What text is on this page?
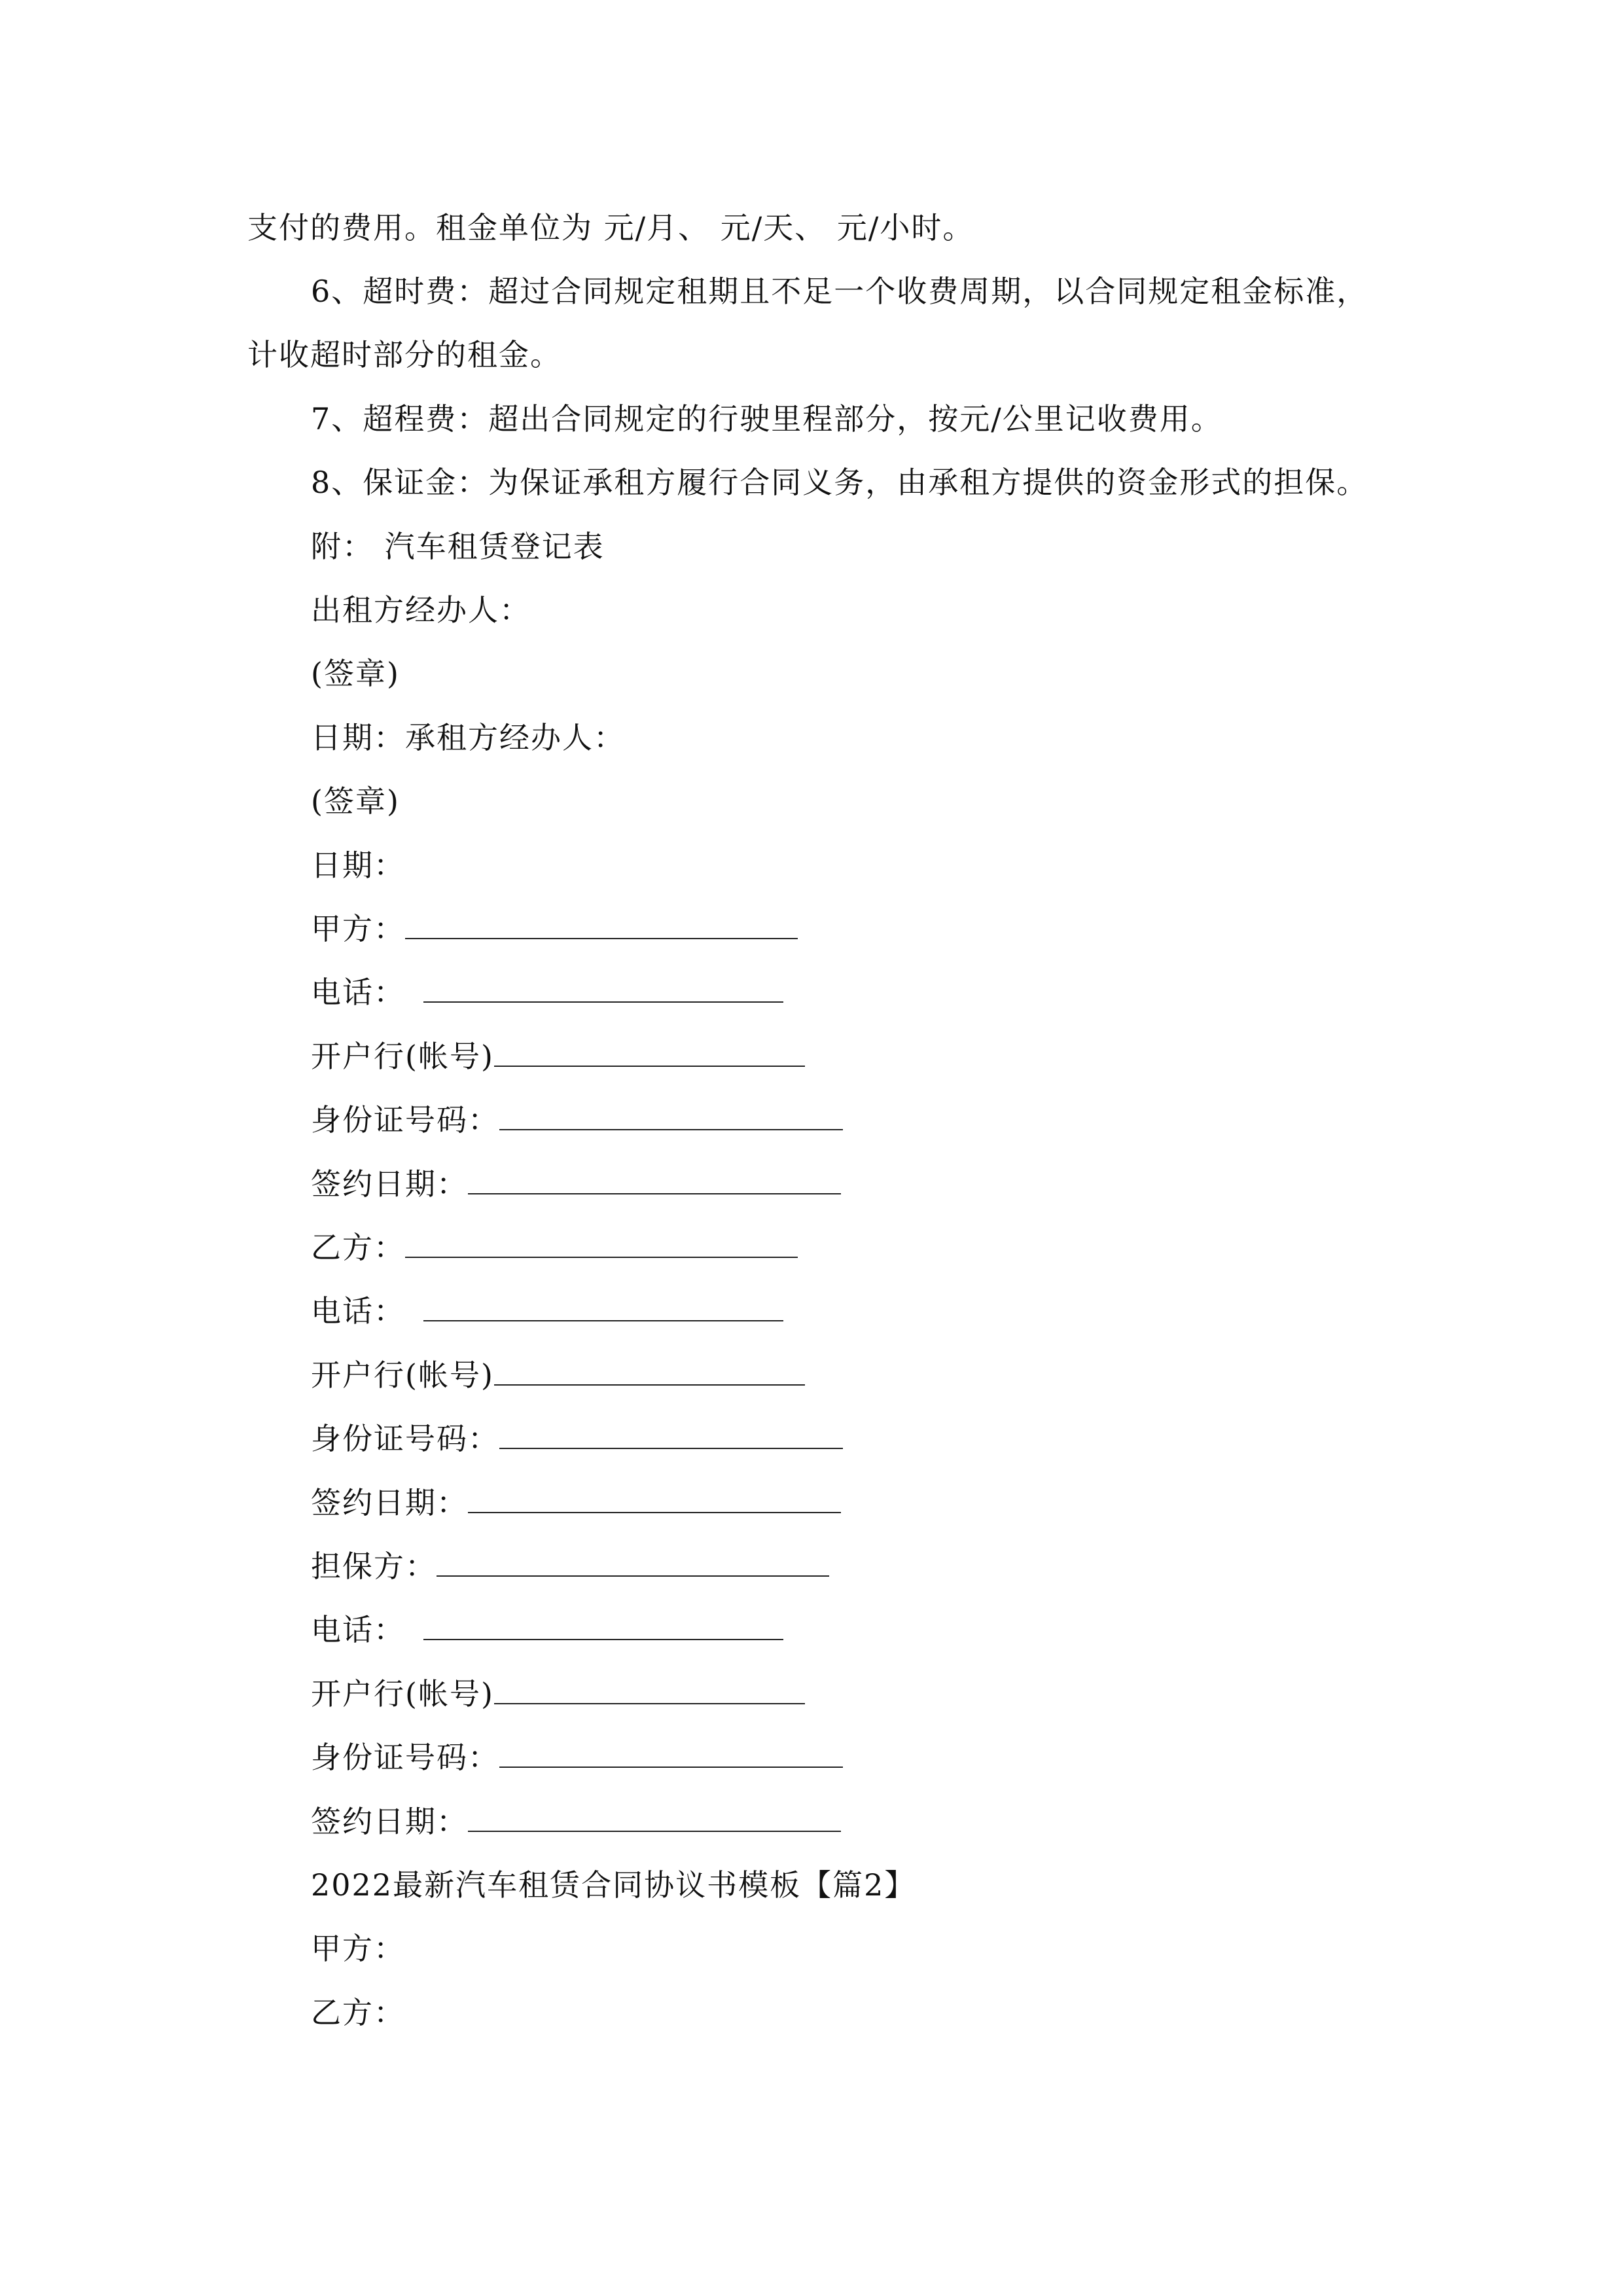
支付的费用。租金单位为 元/月、 元/天、 元/小时。
6、超时费：超过合同规定租期且不足一个收费周期，以合同规定租金标准，
计收超时部分的租金。
7、超程费：超出合同规定的行驶里程部分，按元/公里记收费用。
8、保证金：为保证承租方履行合同义务，由承租方提供的资金形式的担保。
附： 汽车租赁登记表
出租方经办人：
(签章)
日期：承租方经办人：
(签章)
日期：
甲方：
电话：
开户行(帐号)
身份证号码：
签约日期：
乙方：
电话：
开户行(帐号)
身份证号码：
签约日期：
担保方：
电话：
开户行(帐号)
身份证号码：
签约日期：
2022最新汽车租赁合同协议书模板【篇2】
甲方：
乙方：
